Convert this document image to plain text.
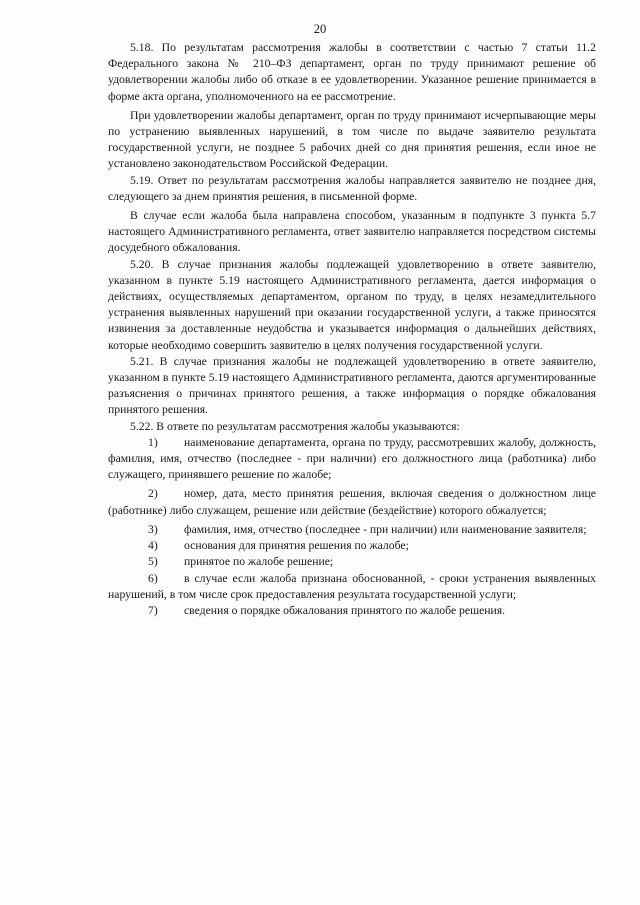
20

5.18. По результатам рассмотрения жалобы в соответствии с частью 7 статьи 11.2 Федерального закона № 210–ФЗ департамент, орган по труду принимают решение об удовлетворении жалобы либо об отказе в ее удовлетворении. Указанное решение принимается в форме акта органа, уполномоченного на ее рассмотрение.

При удовлетворении жалобы департамент, орган по труду принимают исчерпывающие меры по устранению выявленных нарушений, в том числе по выдаче заявителю результата государственной услуги, не позднее 5 рабочих дней со дня принятия решения, если иное не установлено законодательством Российской Федерации.

5.19. Ответ по результатам рассмотрения жалобы направляется заявителю не позднее дня, следующего за днем принятия решения, в письменной форме.

В случае если жалоба была направлена способом, указанным в подпункте 3 пункта 5.7 настоящего Административного регламента, ответ заявителю направляется посредством системы досудебного обжалования.

5.20. В случае признания жалобы подлежащей удовлетворению в ответе заявителю, указанном в пункте 5.19 настоящего Административного регламента, дается информация о действиях, осуществляемых департаментом, органом по труду, в целях незамедлительного устранения выявленных нарушений при оказании государственной услуги, а также приносятся извинения за доставленные неудобства и указывается информация о дальнейших действиях, которые необходимо совершить заявителю в целях получения государственной услуги.

5.21. В случае признания жалобы не подлежащей удовлетворению в ответе заявителю, указанном в пункте 5.19 настоящего Административного регламента, даются аргументированные разъяснения о причинах принятого решения, а также информация о порядке обжалования принятого решения.

5.22. В ответе по результатам рассмотрения жалобы указываются:

1) наименование департамента, органа по труду, рассмотревших жалобу, должность, фамилия, имя, отчество (последнее - при наличии) его должностного лица (работника) либо служащего, принявшего решение по жалобе;

2) номер, дата, место принятия решения, включая сведения о должностном лице (работнике) либо служащем, решение или действие (бездействие) которого обжалуется;

3) фамилия, имя, отчество (последнее - при наличии) или наименование заявителя;

4) основания для принятия решения по жалобе;

5) принятое по жалобе решение;

6) в случае если жалоба признана обоснованной, - сроки устранения выявленных нарушений, в том числе срок предоставления результата государственной услуги;

7) сведения о порядке обжалования принятого по жалобе решения.
